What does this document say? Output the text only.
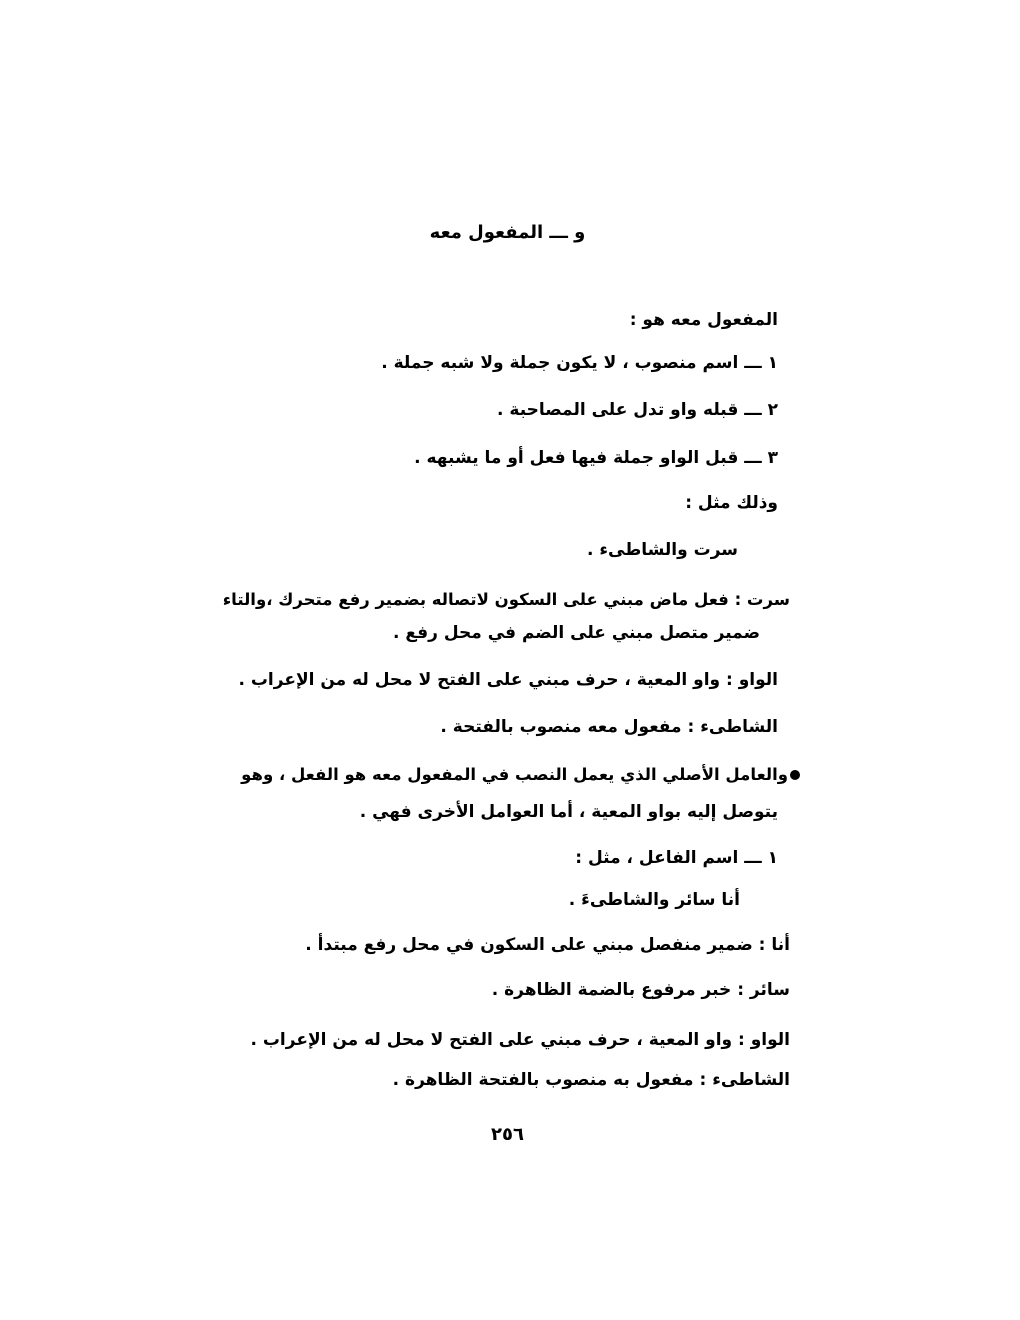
و ـــ المفعول معه
المفعول معه هو :
١ ـــ اسم منصوب ، لا يكون جملة ولا شبه جملة .
٢ ـــ قبله واو تدل على المصاحبة .
٣ ـــ قبل الواو جملة فيها فعل أو ما يشبهه .
وذلك مثل :
سرت والشاطىء .
سرت : فعل ماض مبني على السكون لاتصاله بضمير رفع متحرك ،والتاء
ضمير متصل مبني على الضم في محل رفع .
الواو : واو المعية ، حرف مبني على الفتح لا محل له من الإعراب .
الشاطىء : مفعول معه منصوب بالفتحة .
والعامل الأصلي الذي يعمل النصب في المفعول معه هو الفعل ، وهو
يتوصل إليه بواو المعية ، أما العوامل الأخرى فهي .
١ ـــ اسم الفاعل ، مثل :
أنا سائر والشاطىءَ .
أنا : ضمير منفصل مبني على السكون في محل رفع مبتدأ .
سائر : خبر مرفوع بالضمة الظاهرة .
الواو : واو المعية ، حرف مبني على الفتح لا محل له من الإعراب .
الشاطىء : مفعول به منصوب بالفتحة الظاهرة .
٢٥٦
